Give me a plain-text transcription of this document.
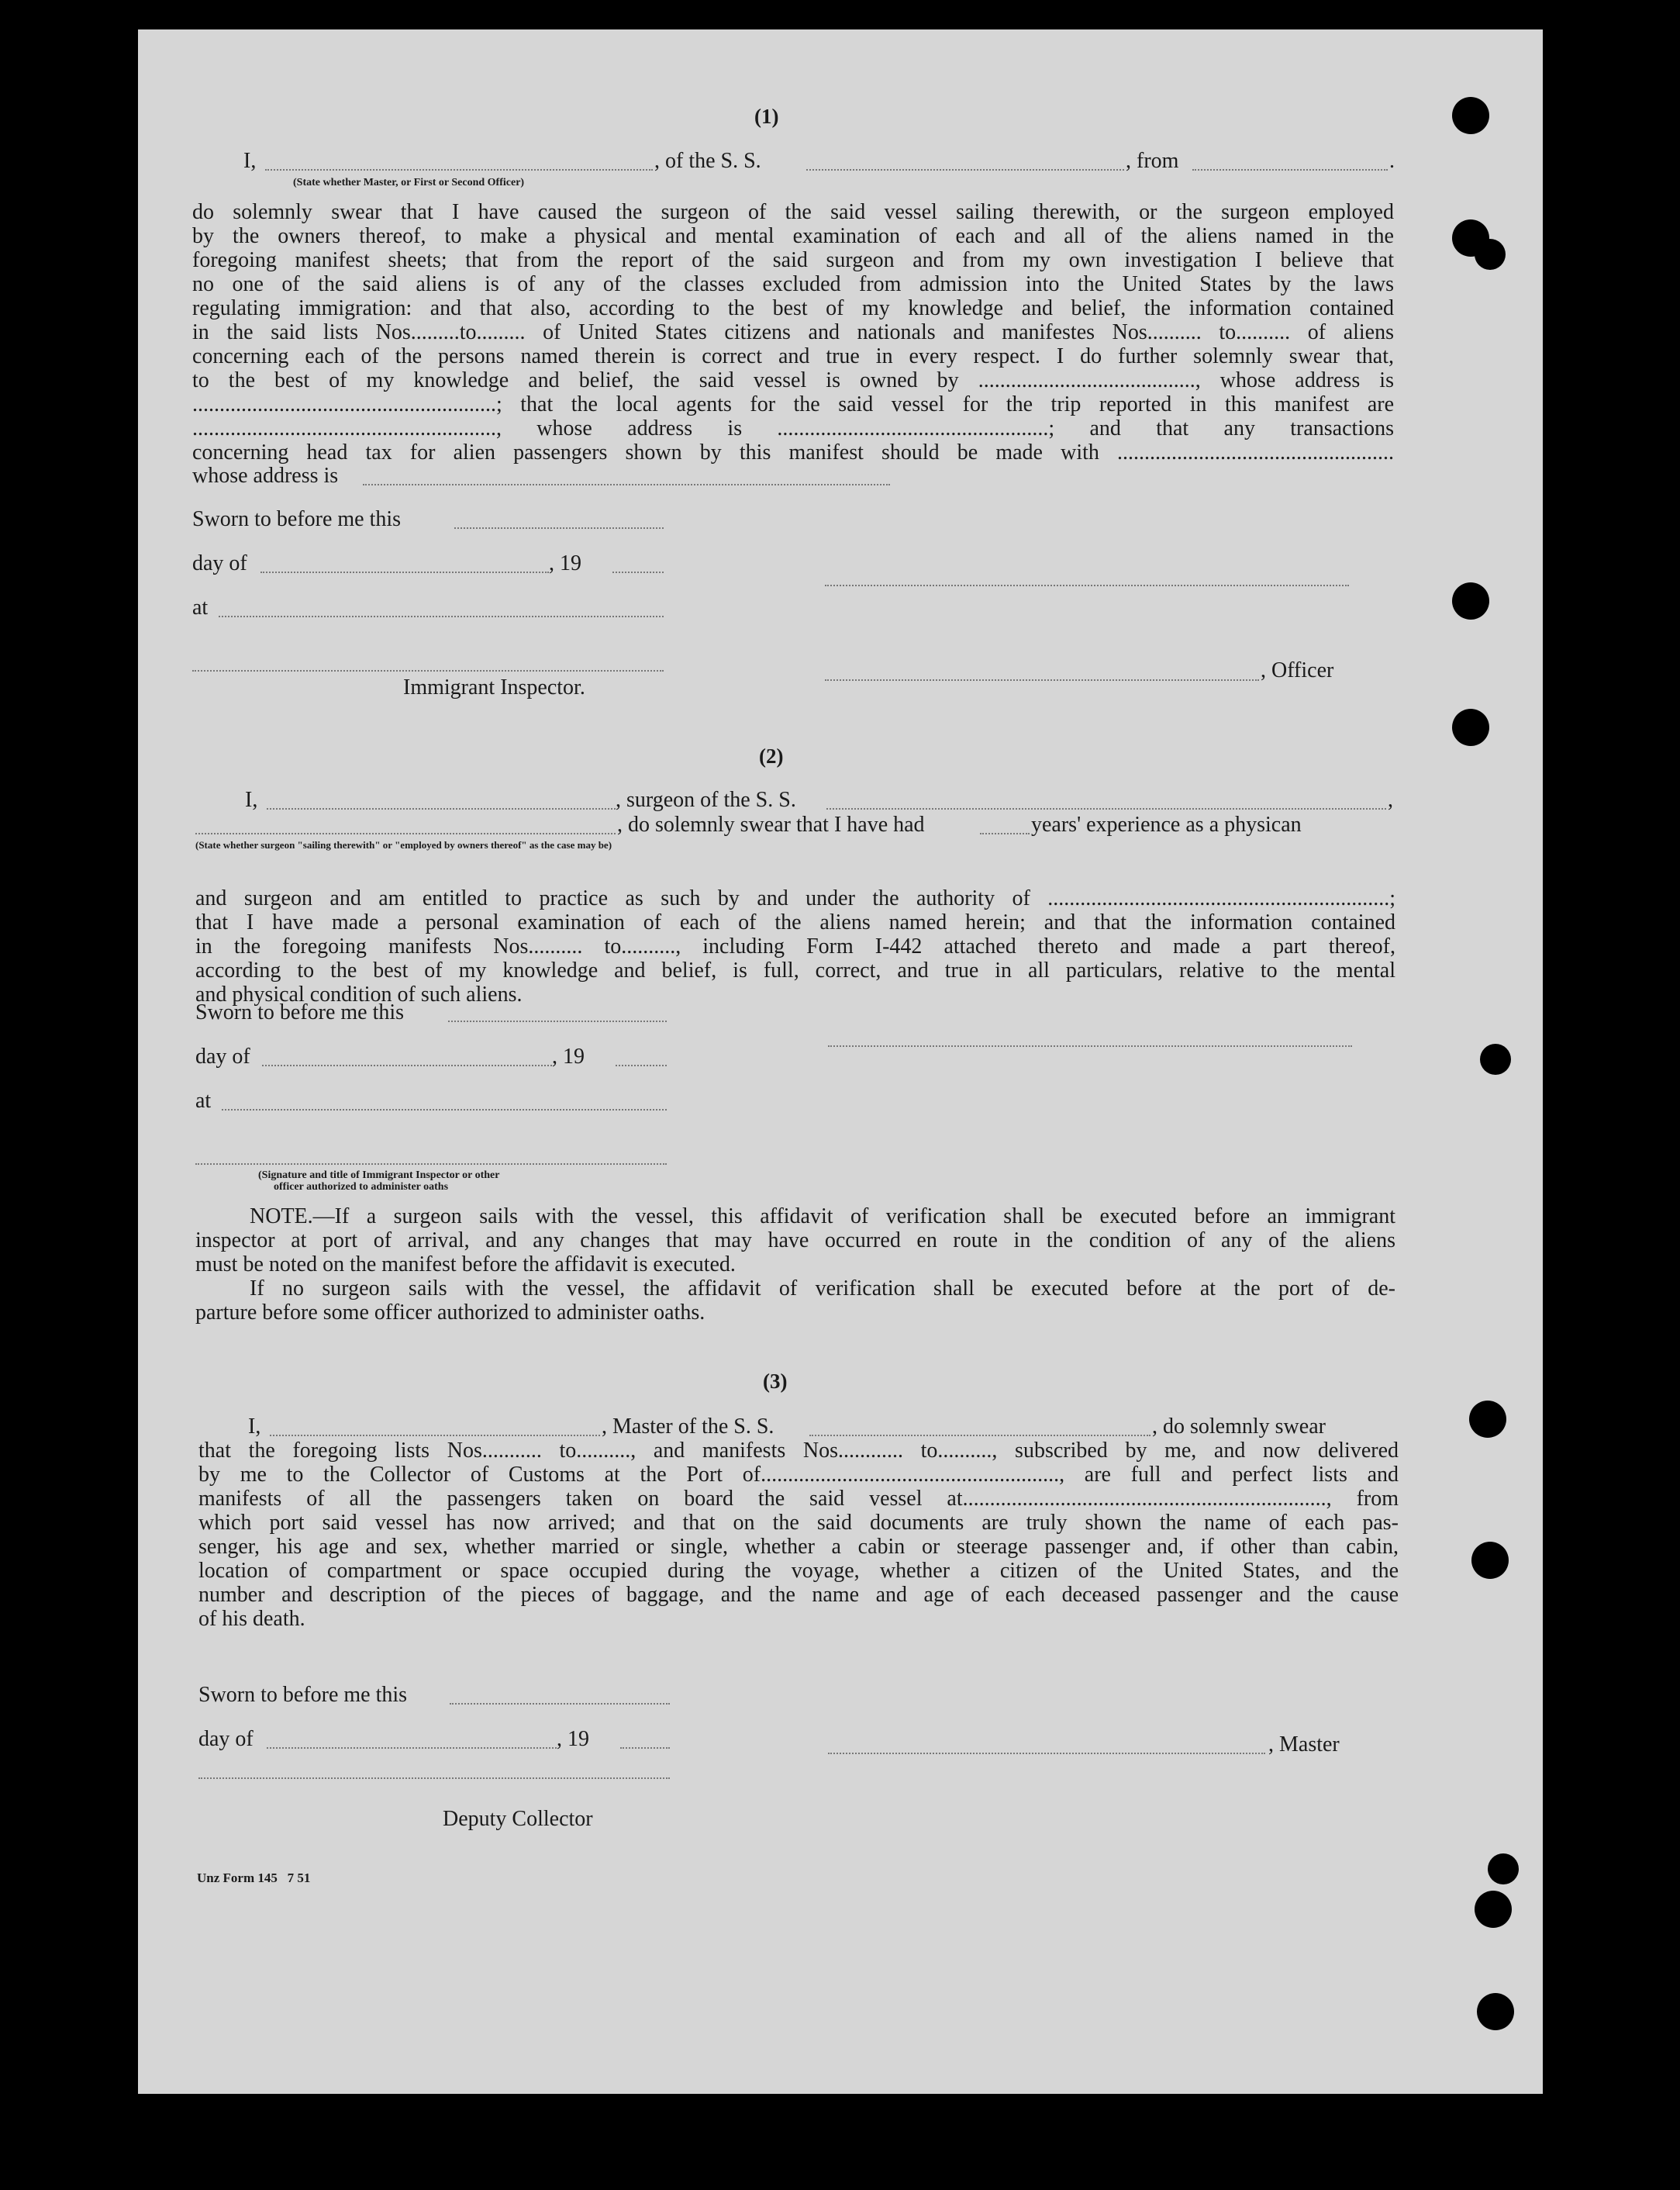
(1)
I,	, of the S. S.	, from	.
(State whether Master, or First or Second Officer)
do solemnly swear that I have caused the surgeon of the said vessel sailing therewith, or the surgeon employed
by the owners thereof, to make a physical and mental examination of each and all of the aliens named in the
foregoing manifest sheets; that from the report of the said surgeon and from my own investigation I believe that
no one of the said aliens is of any of the classes excluded from admission into the United States by the laws
regulating immigration: and that also, according to the best of my knowledge and belief, the information contained
in the said lists Nos.........to......... of United States citizens and nationals and manifestes Nos.......... to.......... of aliens
concerning each of the persons named therein is correct and true in every respect. I do further solemnly swear that,
to the best of my knowledge and belief, the said vessel is owned by ........................................, whose address is
........................................................; that the local agents for the said vessel for the trip reported in this manifest are
........................................................, whose address is ..................................................; and that any transactions
concerning head tax for alien passengers shown by this manifest should be made with ...................................................
whose address is
Sworn to before me this
day of	, 19
at
, Officer
Immigrant Inspector.
(2)
I,	, surgeon of the S. S.	,
, do solemnly swear that I have had	years' experience as a physican
(State whether surgeon "sailing therewith" or "employed by owners thereof" as the case may be)
and surgeon and am entitled to practice as such by and under the authority of ...............................................................;
that I have made a personal examination of each of the aliens named herein; and that the information contained
in the foregoing manifests Nos.......... to.........., including Form I-442 attached thereto and made a part thereof,
according to the best of my knowledge and belief, is full, correct, and true in all particulars, relative to the mental
and physical condition of such aliens.
Sworn to before me this
day of	, 19
at
(Signature and title of Immigrant Inspector or other
officer authorized to administer oaths
NOTE.—If a surgeon sails with the vessel, this affidavit of verification shall be executed before an immigrant
inspector at port of arrival, and any changes that may have occurred en route in the condition of any of the aliens
must be noted on the manifest before the affidavit is executed.
If no surgeon sails with the vessel, the affidavit of verification shall be executed before at the port of de-
parture before some officer authorized to administer oaths.
(3)
I,	, Master of the S. S.	, do solemnly swear
that the foregoing lists Nos........... to.........., and manifests Nos............ to.........., subscribed by me, and now delivered
by me to the Collector of Customs at the Port of......................................................., are full and perfect lists and
manifests of all the passengers taken on board the said vessel at..................................................................., from
which port said vessel has now arrived; and that on the said documents are truly shown the name of each pas-
senger, his age and sex, whether married or single, whether a cabin or steerage passenger and, if other than cabin,
location of compartment or space occupied during the voyage, whether a citizen of the United States, and the
number and description of the pieces of baggage, and the name and age of each deceased passenger and the cause
of his death.
Sworn to before me this
day of	, 19	, Master
Deputy Collector
Unz Form 145   7 51
